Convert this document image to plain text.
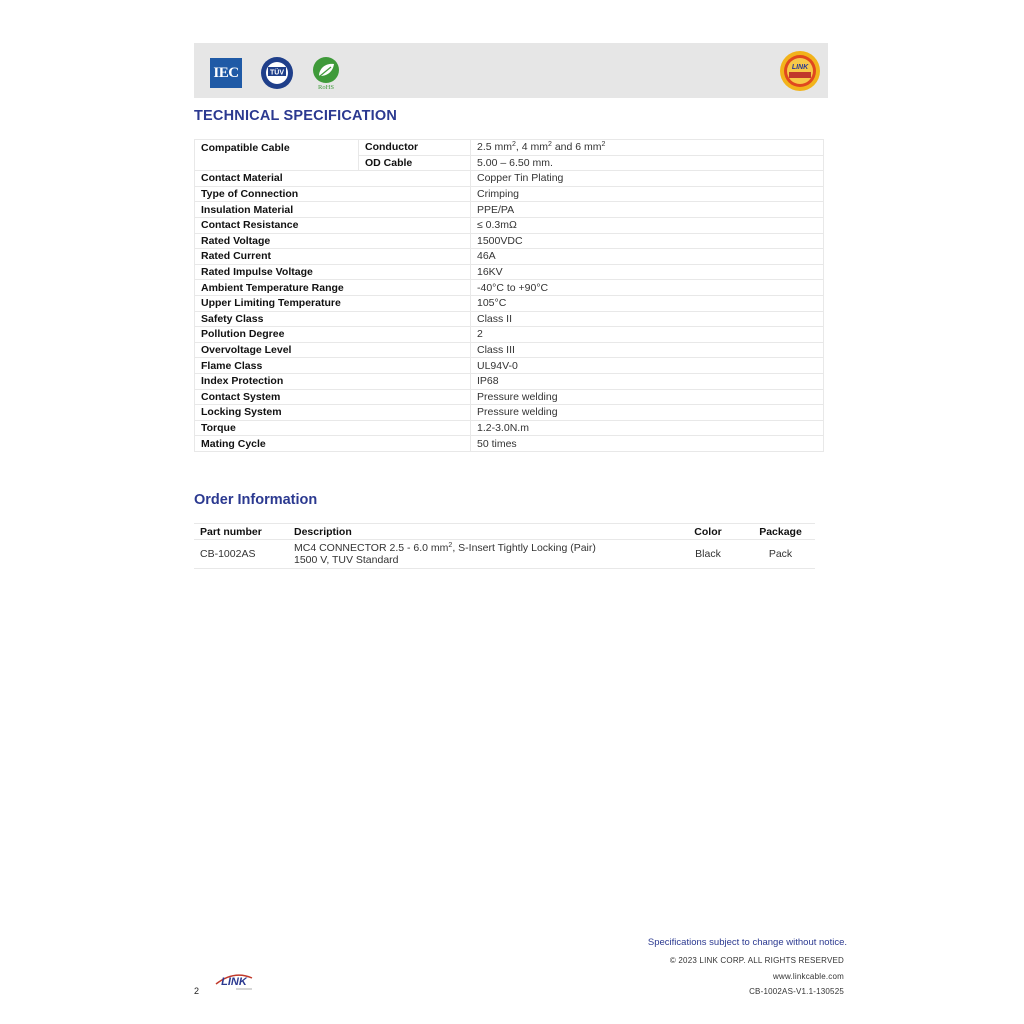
IEC	TÜV
RoHS
LINK
TECHNICAL SPECIFICATION
Compatible Cable	Conductor	2.5 $mm^2$, 4 $mm^2$ and 6 $mm^2$
	OD Cable	5.00 – 6.50 mm.
Contact Material		Copper Tin Plating
Type of Connection		Crimping
Insulation Material		PPE/PA
Contact Resistance		≤ 0.3mΩ
Rated Voltage		1500VDC
Rated Current		46A
Rated Impulse Voltage		16KV
Ambient Temperature Range		-40°C to +90°C
Upper Limiting Temperature		105°C
Safety Class		Class II
Pollution Degree		2
Overvoltage Level		Class III
Flame Class		UL94V-0
Index Protection		IP68
Contact System		Pressure welding
Locking System		Pressure welding
Torque		1.2-3.0N.m
Mating Cycle		50 times
Order Information
Part number	Description	Color	Package
CB-1002AS	MC4 CONNECTOR 2.5 - 6.0 $mm^2$, S-Insert Tightly Locking (Pair)
1500 V, TUV Standard	Black	Pack
Specifications subject to change without notice.
© 2023 LINK CORP. ALL RIGHTS RESERVED
www.linkcable.com
CB-1002AS-V1.1-130525
2
LINK
